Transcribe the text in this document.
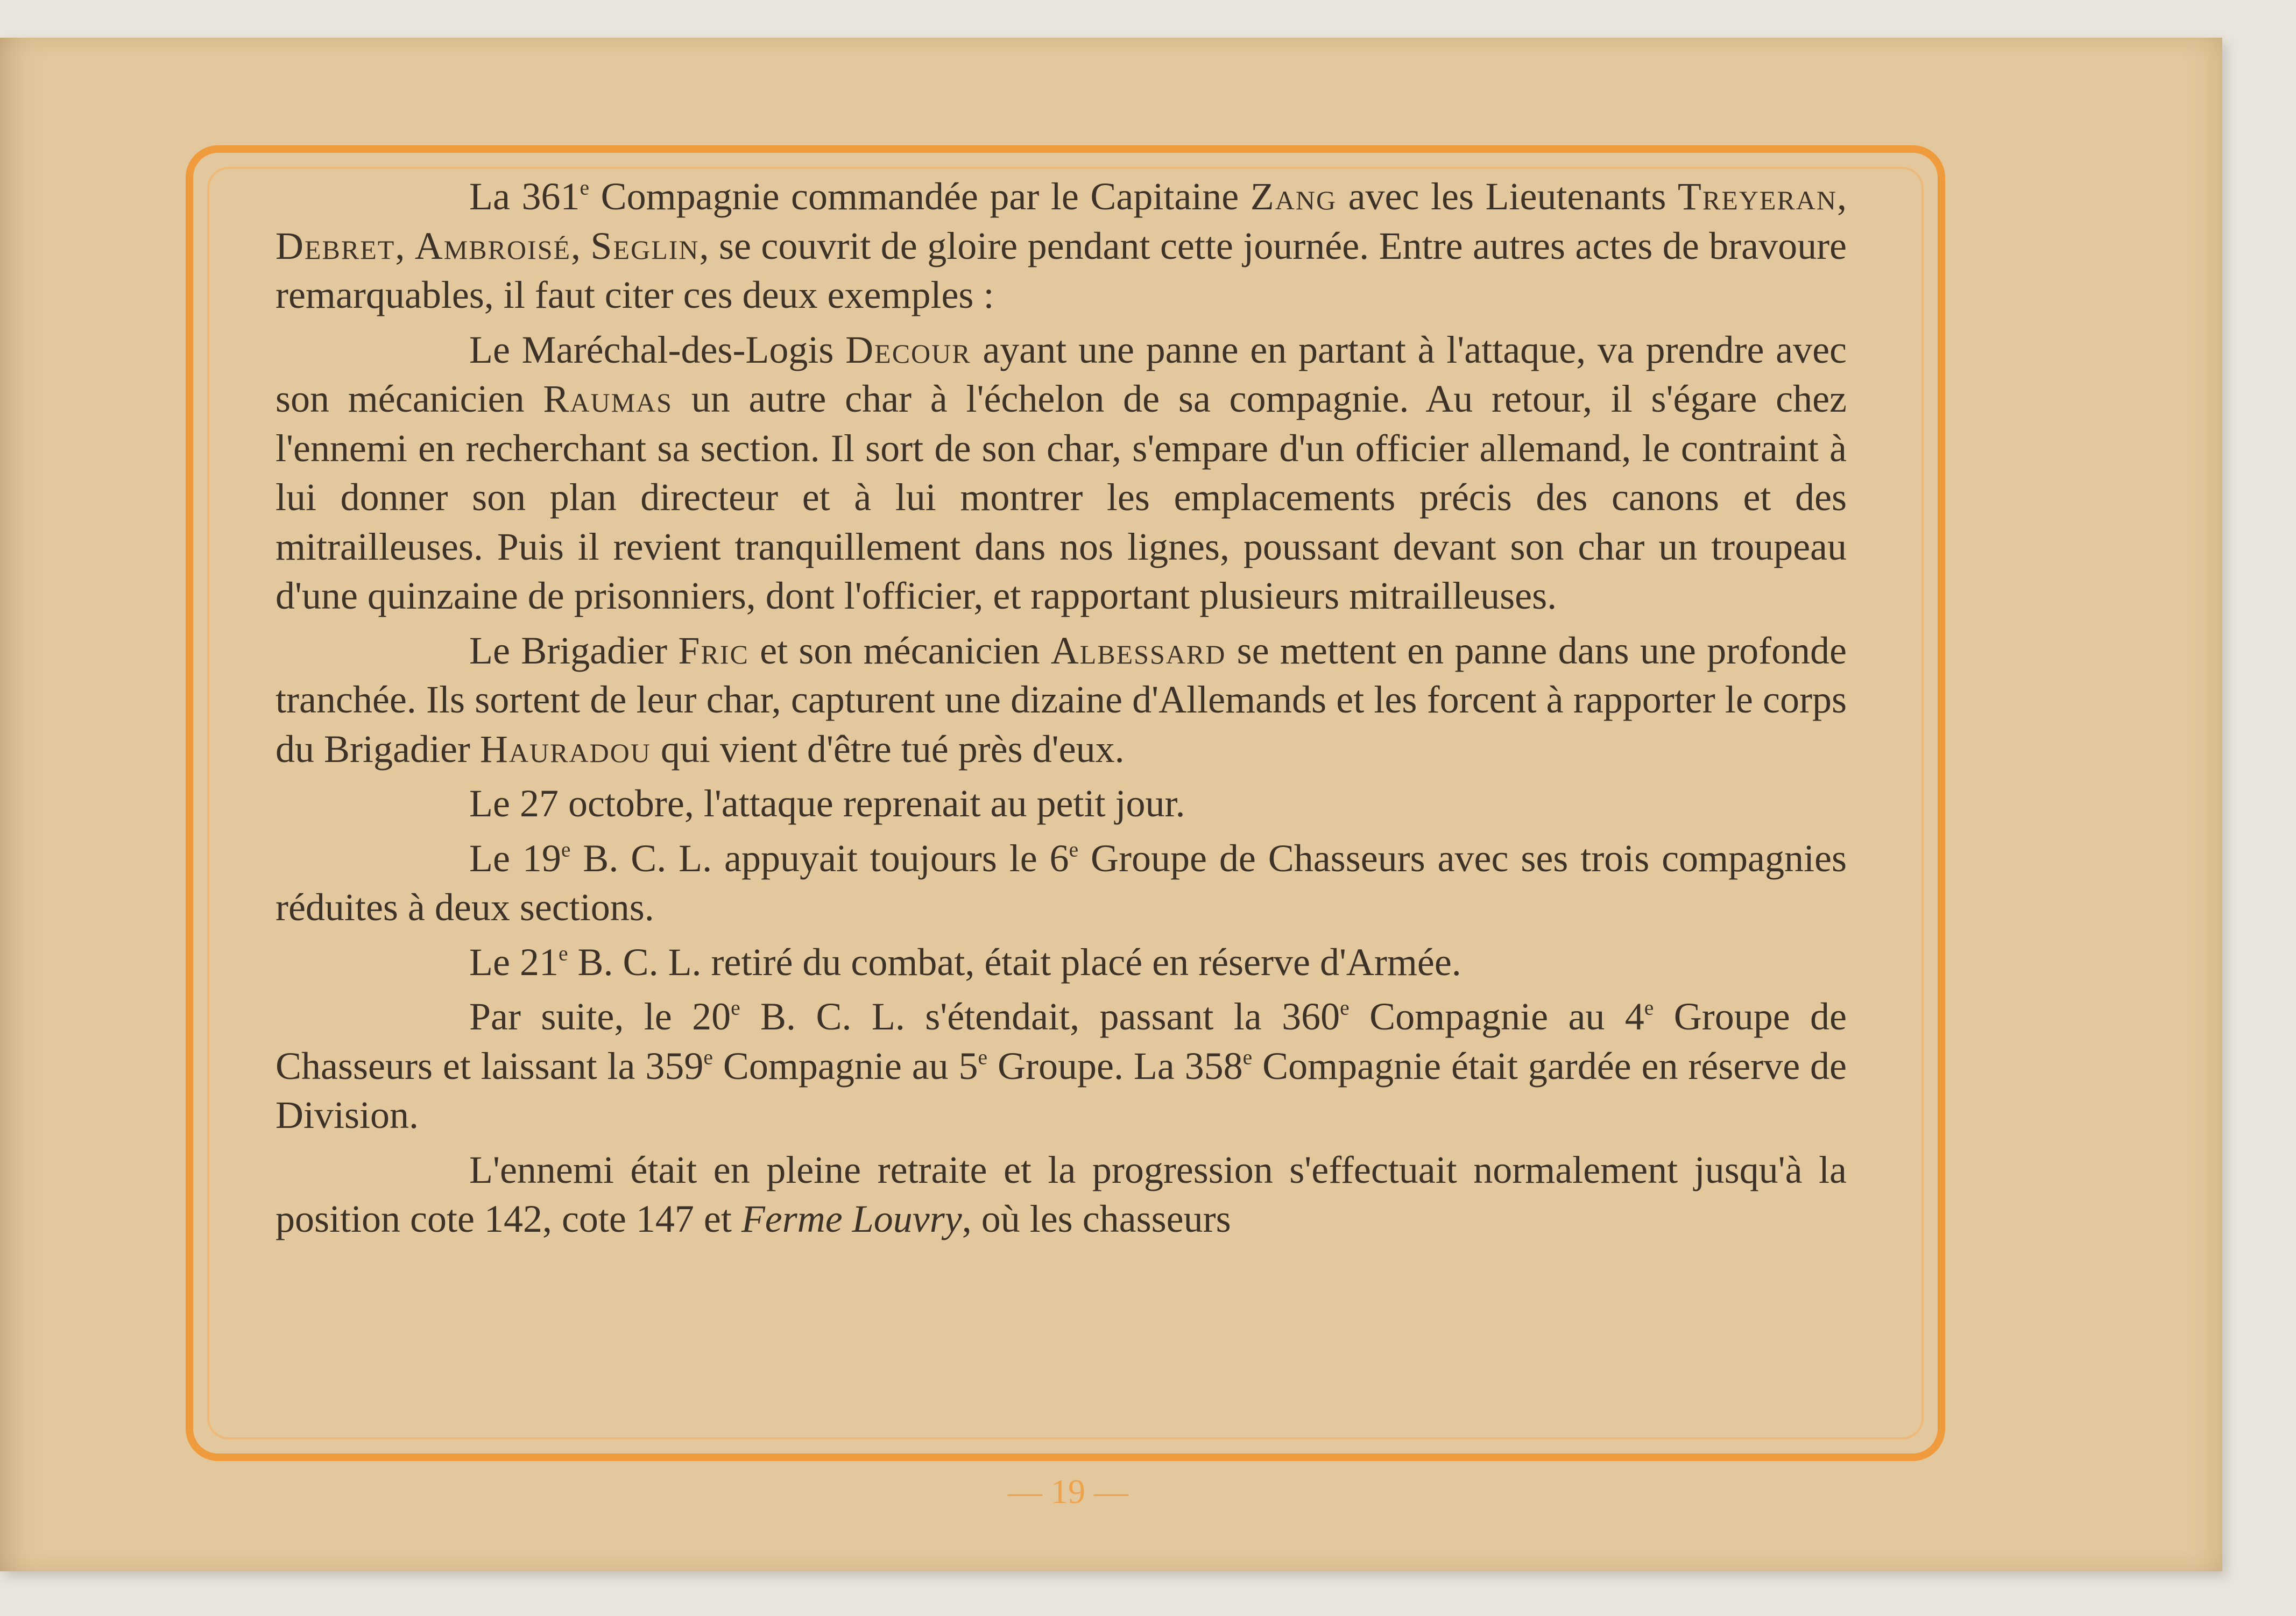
La 361e Compagnie commandée par le Capitaine Zang avec les Lieutenants Treyeran, Debret, Ambroisé, Seglin, se couvrit de gloire pendant cette journée. Entre autres actes de bravoure remarquables, il faut citer ces deux exemples :

Le Maréchal-des-Logis Decour ayant une panne en partant à l'attaque, va prendre avec son mécanicien Raumas un autre char à l'échelon de sa compagnie. Au retour, il s'égare chez l'ennemi en recherchant sa section. Il sort de son char, s'empare d'un officier allemand, le contraint à lui donner son plan directeur et à lui montrer les emplacements précis des canons et des mitrailleuses. Puis il revient tranquillement dans nos lignes, poussant devant son char un troupeau d'une quinzaine de prisonniers, dont l'officier, et rapportant plusieurs mitrailleuses.

Le Brigadier Fric et son mécanicien Albessard se mettent en panne dans une profonde tranchée. Ils sortent de leur char, capturent une dizaine d'Allemands et les forcent à rapporter le corps du Brigadier Hauradou qui vient d'être tué près d'eux.

Le 27 octobre, l'attaque reprenait au petit jour.

Le 19e B. C. L. appuyait toujours le 6e Groupe de Chasseurs avec ses trois compagnies réduites à deux sections.

Le 21e B. C. L. retiré du combat, était placé en réserve d'Armée.

Par suite, le 20e B. C. L. s'étendait, passant la 360e Compagnie au 4e Groupe de Chasseurs et laissant la 359e Compagnie au 5e Groupe. La 358e Compagnie était gardée en réserve de Division.

L'ennemi était en pleine retraite et la progression s'effectuait normalement jusqu'à la position cote 142, cote 147 et Ferme Louvry, où les chasseurs

— 19 —
